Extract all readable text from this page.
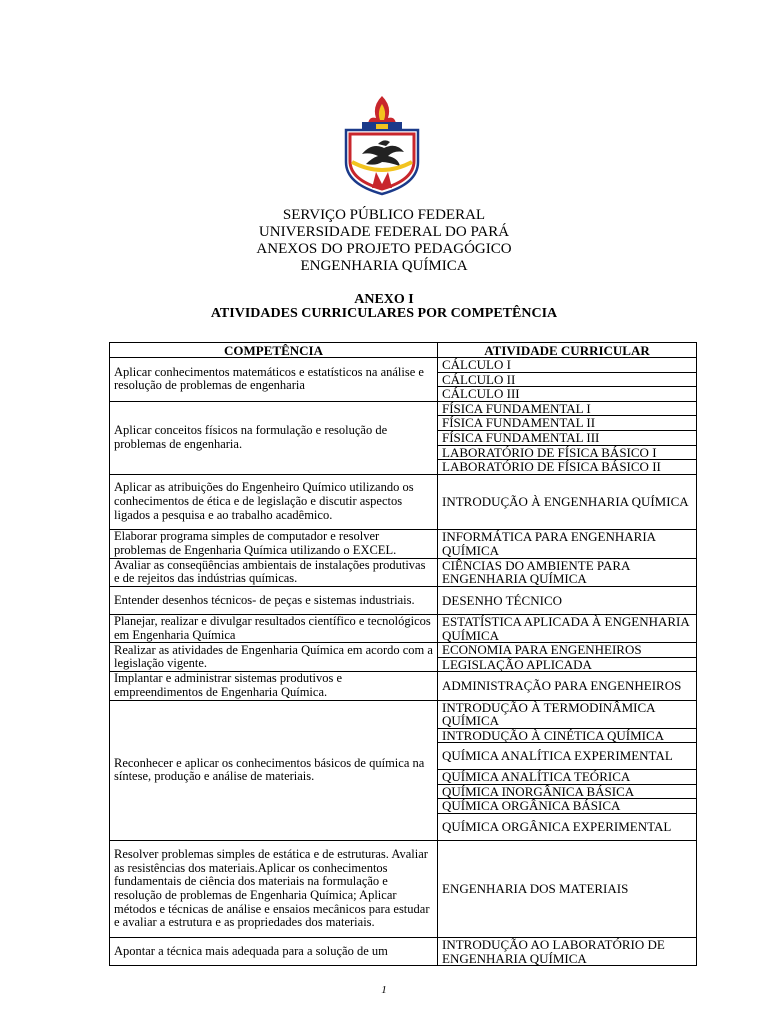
SERVIÇO PÚBLICO FEDERAL
UNIVERSIDADE FEDERAL DO PARÁ
ANEXOS DO PROJETO PEDAGÓGICO
ENGENHARIA QUÍMICA
ANEXO I
ATIVIDADES CURRICULARES POR COMPETÊNCIA
COMPETÊNCIA	ATIVIDADE CURRICULAR
Aplicar conhecimentos matemáticos e estatísticos na análise e resolução de problemas de engenharia	CÁLCULO I
	CÁLCULO II
	CÁLCULO III
Aplicar conceitos físicos na formulação e resolução de problemas de engenharia.	FÍSICA FUNDAMENTAL I
	FÍSICA FUNDAMENTAL II
	FÍSICA FUNDAMENTAL III
	LABORATÓRIO DE FÍSICA BÁSICO I
	LABORATÓRIO DE FÍSICA BÁSICO II
Aplicar as atribuições do Engenheiro Químico utilizando os conhecimentos de ética e de legislação e discutir aspectos ligados a pesquisa e ao trabalho acadêmico.	INTRODUÇÃO À ENGENHARIA QUÍMICA
Elaborar programa simples de computador e resolver problemas de Engenharia Química utilizando o EXCEL.	INFORMÁTICA PARA ENGENHARIA QUÍMICA
Avaliar as conseqüências ambientais de instalações produtivas e de rejeitos das indústrias químicas.	CIÊNCIAS DO AMBIENTE PARA ENGENHARIA QUÍMICA
Entender desenhos técnicos- de peças e sistemas industriais.	DESENHO TÉCNICO
Planejar, realizar e divulgar resultados científico e tecnológicos em Engenharia Química	ESTATÍSTICA APLICADA À ENGENHARIA QUÍMICA
Realizar as atividades de Engenharia Química em acordo com a legislação vigente.	ECONOMIA PARA ENGENHEIROS
	LEGISLAÇÃO APLICADA
Implantar e administrar sistemas produtivos e empreendimentos de Engenharia Química.	ADMINISTRAÇÃO PARA ENGENHEIROS
Reconhecer e aplicar os conhecimentos básicos de química na síntese, produção e análise de materiais.	INTRODUÇÃO À TERMODINÂMICA QUÍMICA
	INTRODUÇÃO À CINÉTICA QUÍMICA
	QUÍMICA ANALÍTICA EXPERIMENTAL
	QUÍMICA ANALÍTICA TEÓRICA
	QUÍMICA INORGÂNICA BÁSICA
	QUÍMICA ORGÂNICA BÁSICA
	QUÍMICA ORGÂNICA EXPERIMENTAL
Resolver problemas simples de estática e de estruturas. Avaliar as resistências dos materiais.Aplicar os conhecimentos fundamentais de ciência dos materiais na formulação e resolução de problemas de Engenharia Química; Aplicar métodos e técnicas de análise e ensaios mecânicos para estudar e avaliar a estrutura e as propriedades dos materiais.	ENGENHARIA DOS MATERIAIS
Apontar a técnica mais adequada para a solução de um	INTRODUÇÃO AO LABORATÓRIO DE ENGENHARIA QUÍMICA
1
